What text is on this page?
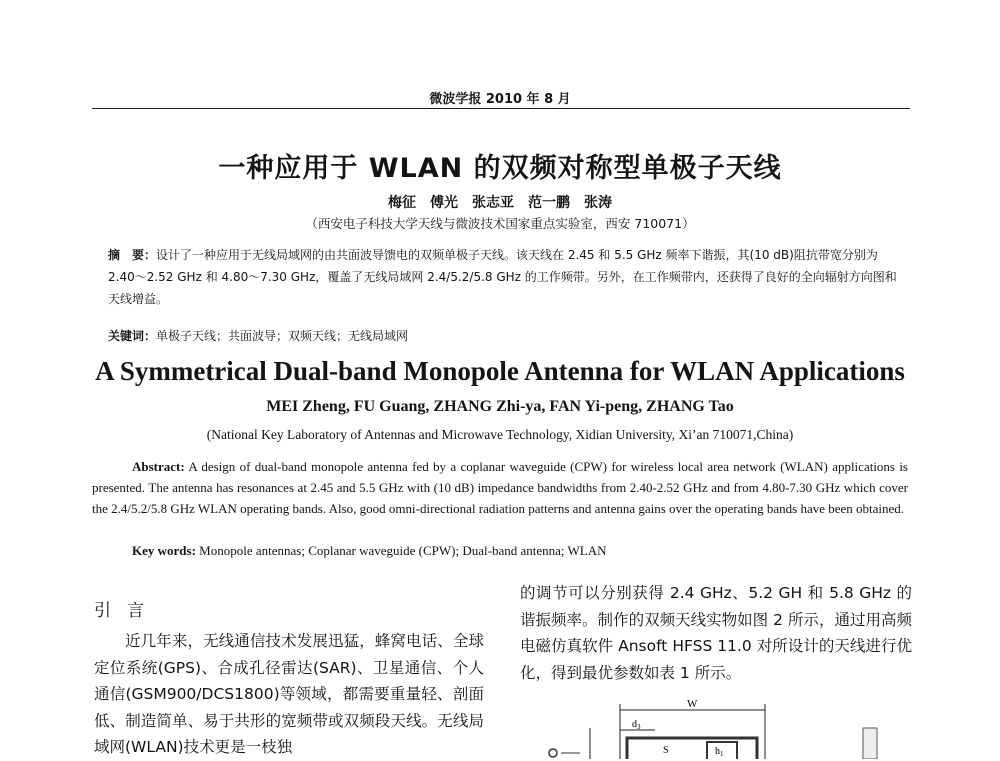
微波学报 2010 年 8 月
一种应用于 WLAN 的双频对称型单极子天线
梅征　傅光　张志亚　范一鹏　张涛
（西安电子科技大学天线与微波技术国家重点实验室，西安 710071）
摘　要：设计了一种应用于无线局域网的由共面波导馈电的双频单极子天线。该天线在 2.45 和 5.5 GHz 频率下谐振，其(10 dB)阻抗带宽分别为 2.40～2.52 GHz 和 4.80～7.30 GHz，覆盖了无线局域网 2.4/5.2/5.8 GHz 的工作频带。另外，在工作频带内，还获得了良好的全向辐射方向图和天线增益。
关键词：单极子天线；共面波导；双频天线；无线局域网
A Symmetrical Dual-band Monopole Antenna for WLAN Applications
MEI Zheng, FU Guang, ZHANG Zhi-ya, FAN Yi-peng, ZHANG Tao
(National Key Laboratory of Antennas and Microwave Technology, Xidian University, Xi’an 710071,China)
Abstract: A design of dual-band monopole antenna fed by a coplanar waveguide (CPW) for wireless local area network (WLAN) applications is presented. The antenna has resonances at 2.45 and 5.5 GHz with (10 dB) impedance bandwidths from 2.40-2.52 GHz and from 4.80-7.30 GHz which cover the 2.4/5.2/5.8 GHz WLAN operating bands. Also, good omni-directional radiation patterns and antenna gains over the operating bands have been obtained.
Key words: Monopole antennas; Coplanar waveguide (CPW); Dual-band antenna; WLAN
引言
近几年来，无线通信技术发展迅猛，蜂窝电话、全球定位系统(GPS)、合成孔径雷达(SAR)、卫星通信、个人通信(GSM900/DCS1800)等领域，都需要重量轻、剖面低、制造简单、易于共形的宽频带或双频段天线。无线局域网(WLAN)技术更是一枝独
的调节可以分别获得 2.4 GHz、5.2 GH 和 5.8 GHz 的谐振频率。制作的双频天线实物如图 2 所示，通过用高频电磁仿真软件 Ansoft HFSS 11.0 对所设计的天线进行优化，得到最优参数如表 1 所示。
W
$d_3$
S	$h_1$
